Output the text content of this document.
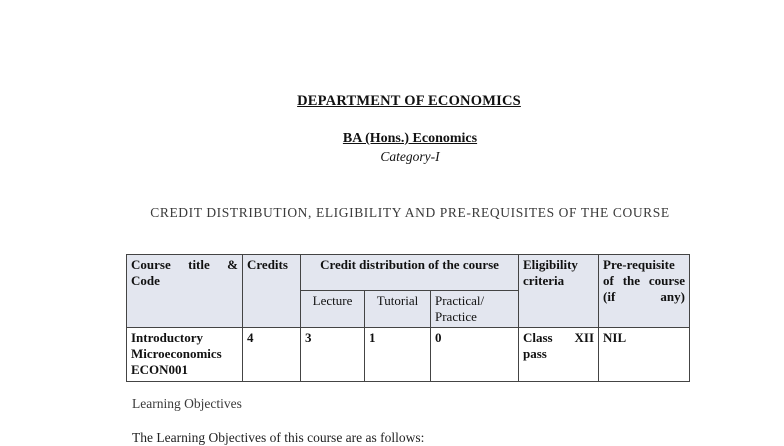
DEPARTMENT OF ECONOMICS
BA (Hons.) Economics
Category-I
CREDIT DISTRIBUTION, ELIGIBILITY AND PRE-REQUISITES OF THE COURSE
Course title & Code	Credits	Credit distribution of the course			Eligibility criteria	Pre-requisite of the course (if any)
		Lecture	Tutorial	Practical/ Practice		
Introductory Microeconomics ECON001	4	3	1	0	Class XII pass	NIL
Learning Objectives
The Learning Objectives of this course are as follows:
